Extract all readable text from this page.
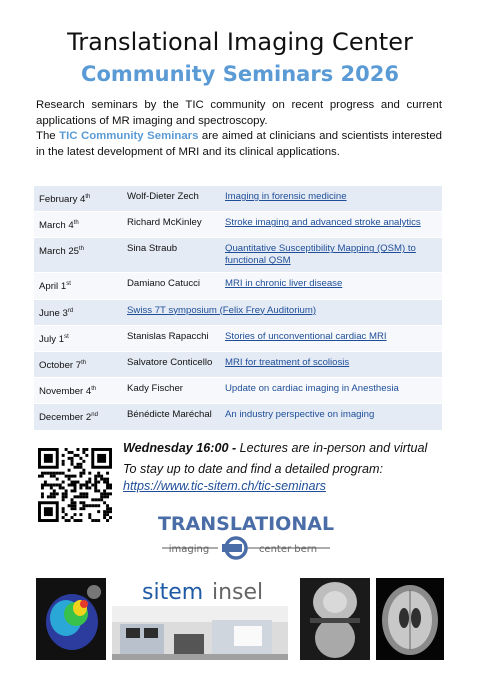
Translational Imaging Center
Community Seminars 2026
Research seminars by the TIC community on recent progress and current applications of MR imaging and spectroscopy.
The TIC Community Seminars are aimed at clinicians and scientists interested in the latest development of MRI and its clinical applications.
February 4th	Wolf-Dieter Zech	Imaging in forensic medicine
March 4th	Richard McKinley	Stroke imaging and advanced stroke analytics
March 25th	Sina Straub	Quantitative Susceptibility Mapping (QSM) to functional QSM
April 1st	Damiano Catucci	MRI in chronic liver disease
June 3rd	Swiss 7T symposium (Felix Frey Auditorium)	
July 1st	Stanislas Rapacchi	Stories of unconventional cardiac MRI
October 7th	Salvatore Conticello	MRI for treatment of scoliosis
November 4th	Kady Fischer	Update on cardiac imaging in Anesthesia
December 2nd	Bénédicte Maréchal	An industry perspective on imaging
Wednesday 16:00 - Lectures are in-person and virtual
To stay up to date and find a detailed program:
https://www.tic-sitem.ch/tic-seminars
TRANSLATIONAL
imaging	center bern
sitem insel
